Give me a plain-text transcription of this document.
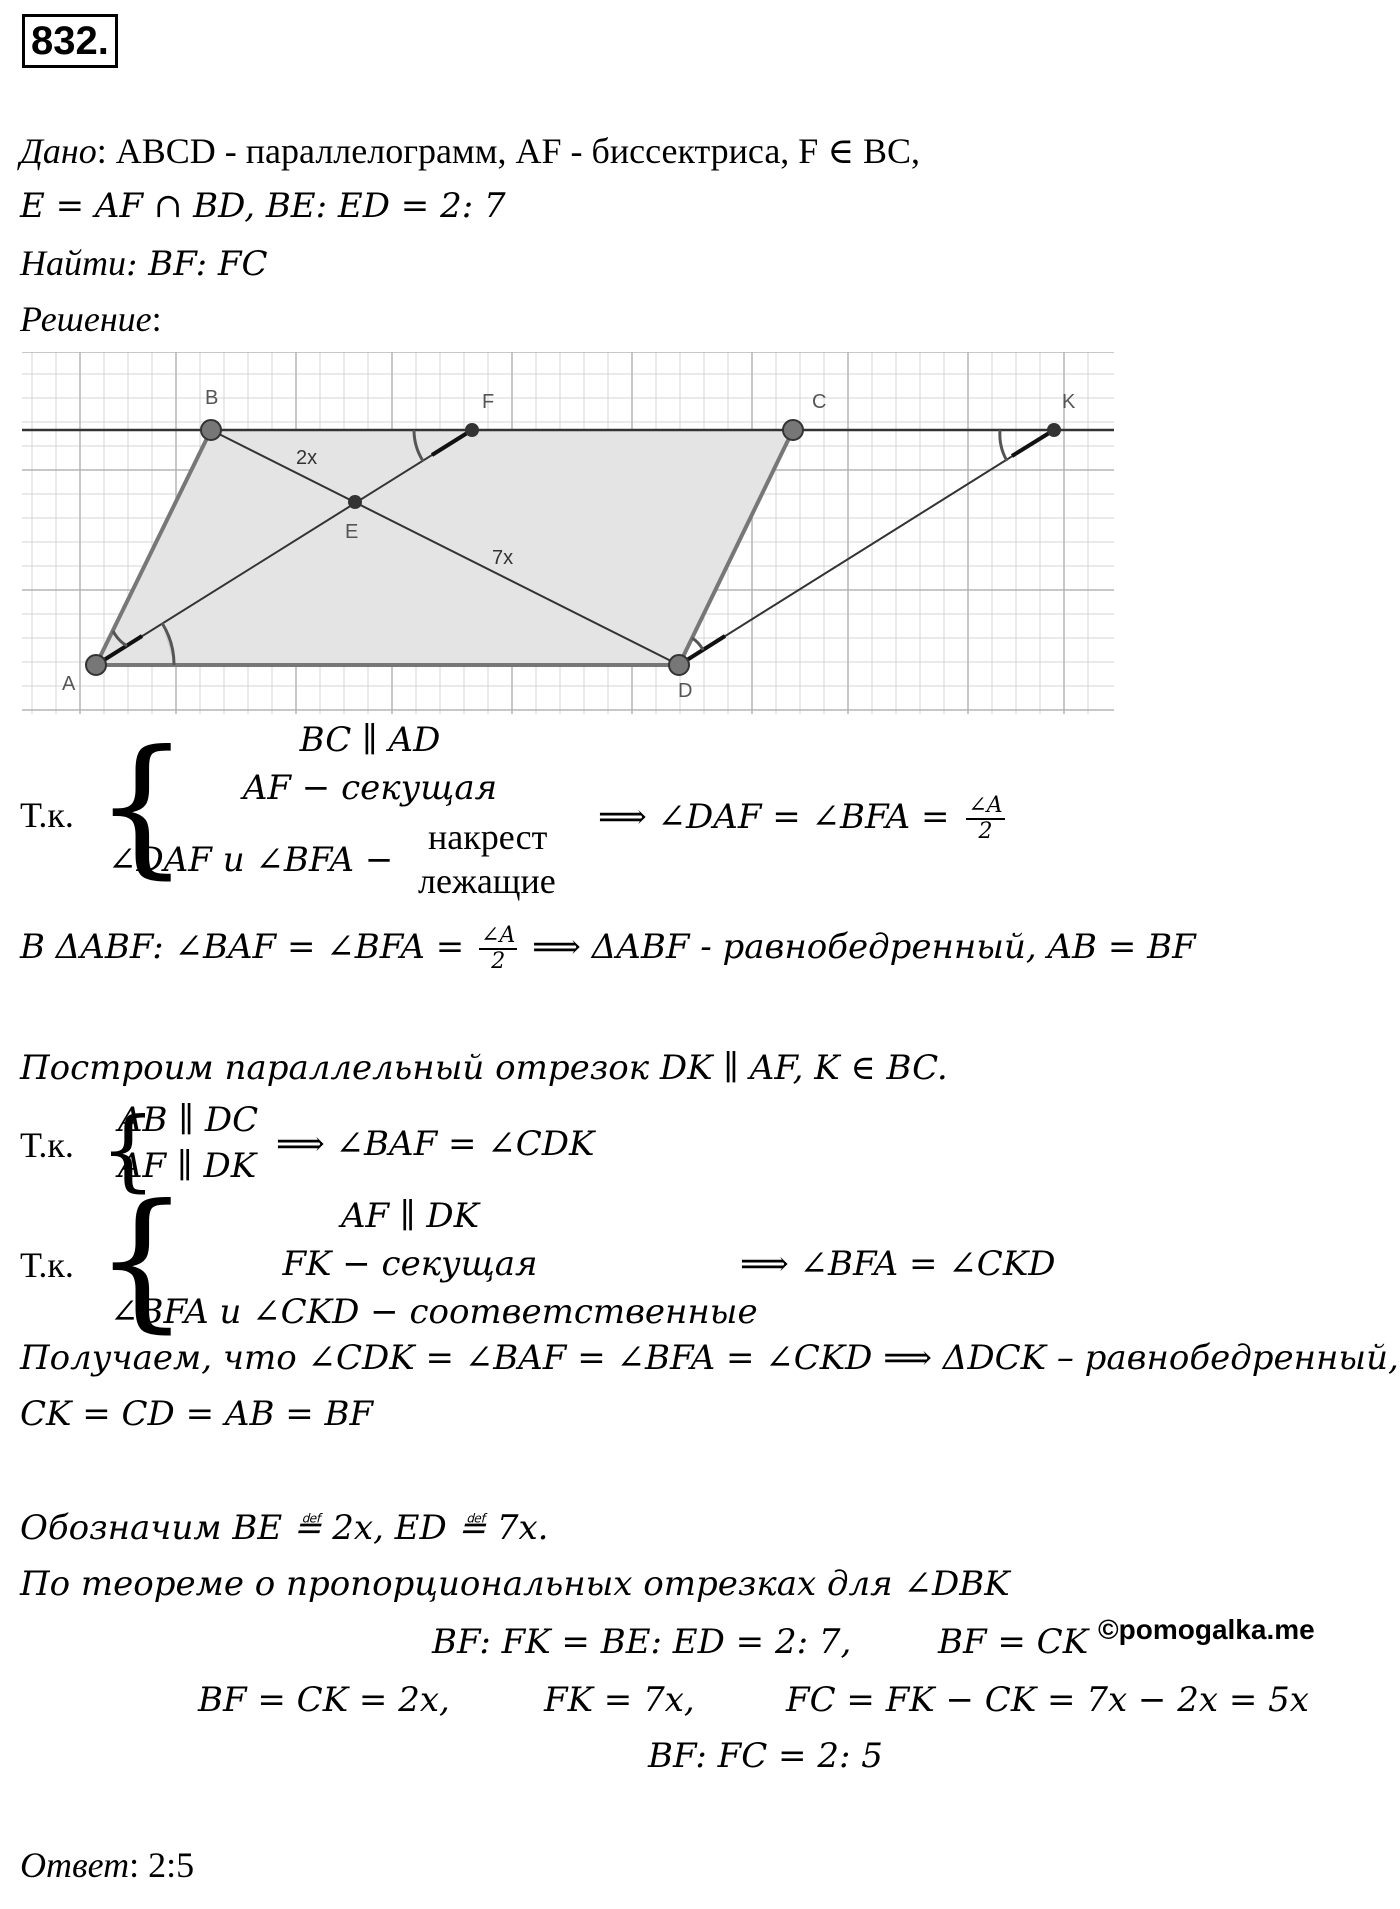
832.
Дано: ABCD - параллелограмм, AF - биссектриса, F ∈ BC,
E = AF ∩ BD, BE: ED = 2: 7
Найти: BF: FC
Решение:
A
B	C
D
E
F	K
2x
7x
Т.к. {	BC ∥ AD
AF − секущая
∠DAF и ∠BFA −
накрест
лежащие
⟹ ∠DAF = ∠BFA = $\frac{\angle A}{2}$
В ΔABF: ∠BAF = ∠BFA = $\frac{\angle A}{2}$ ⟹ ΔABF - равнобедренный, AB = BF
Построим параллельный отрезок DK ∥ AF, K ∈ BC.
Т.к. {
AB ∥ DC
AF ∥ DK
⟹ ∠BAF = ∠CDK
Т.к. {	AF ∥ DK
FK − секущая
∠BFA и ∠CKD − соответственные
⟹ ∠BFA = ∠CKD
Получаем, что ∠CDK = ∠BAF = ∠BFA = ∠CKD ⟹ ΔDCK – равнобедренный,
CK = CD = AB = BF
Обозначим BE ≝ 2x, ED ≝ 7x.
По теореме о пропорциональных отрезках для ∠DBK
BF: FK = BE: ED = 2: 7,	BF = CK ©pomogalka.me
BF = CK = 2x,	FK = 7x,	FC = FK − CK = 7x − 2x = 5x
BF: FC = 2: 5
Ответ: 2:5
